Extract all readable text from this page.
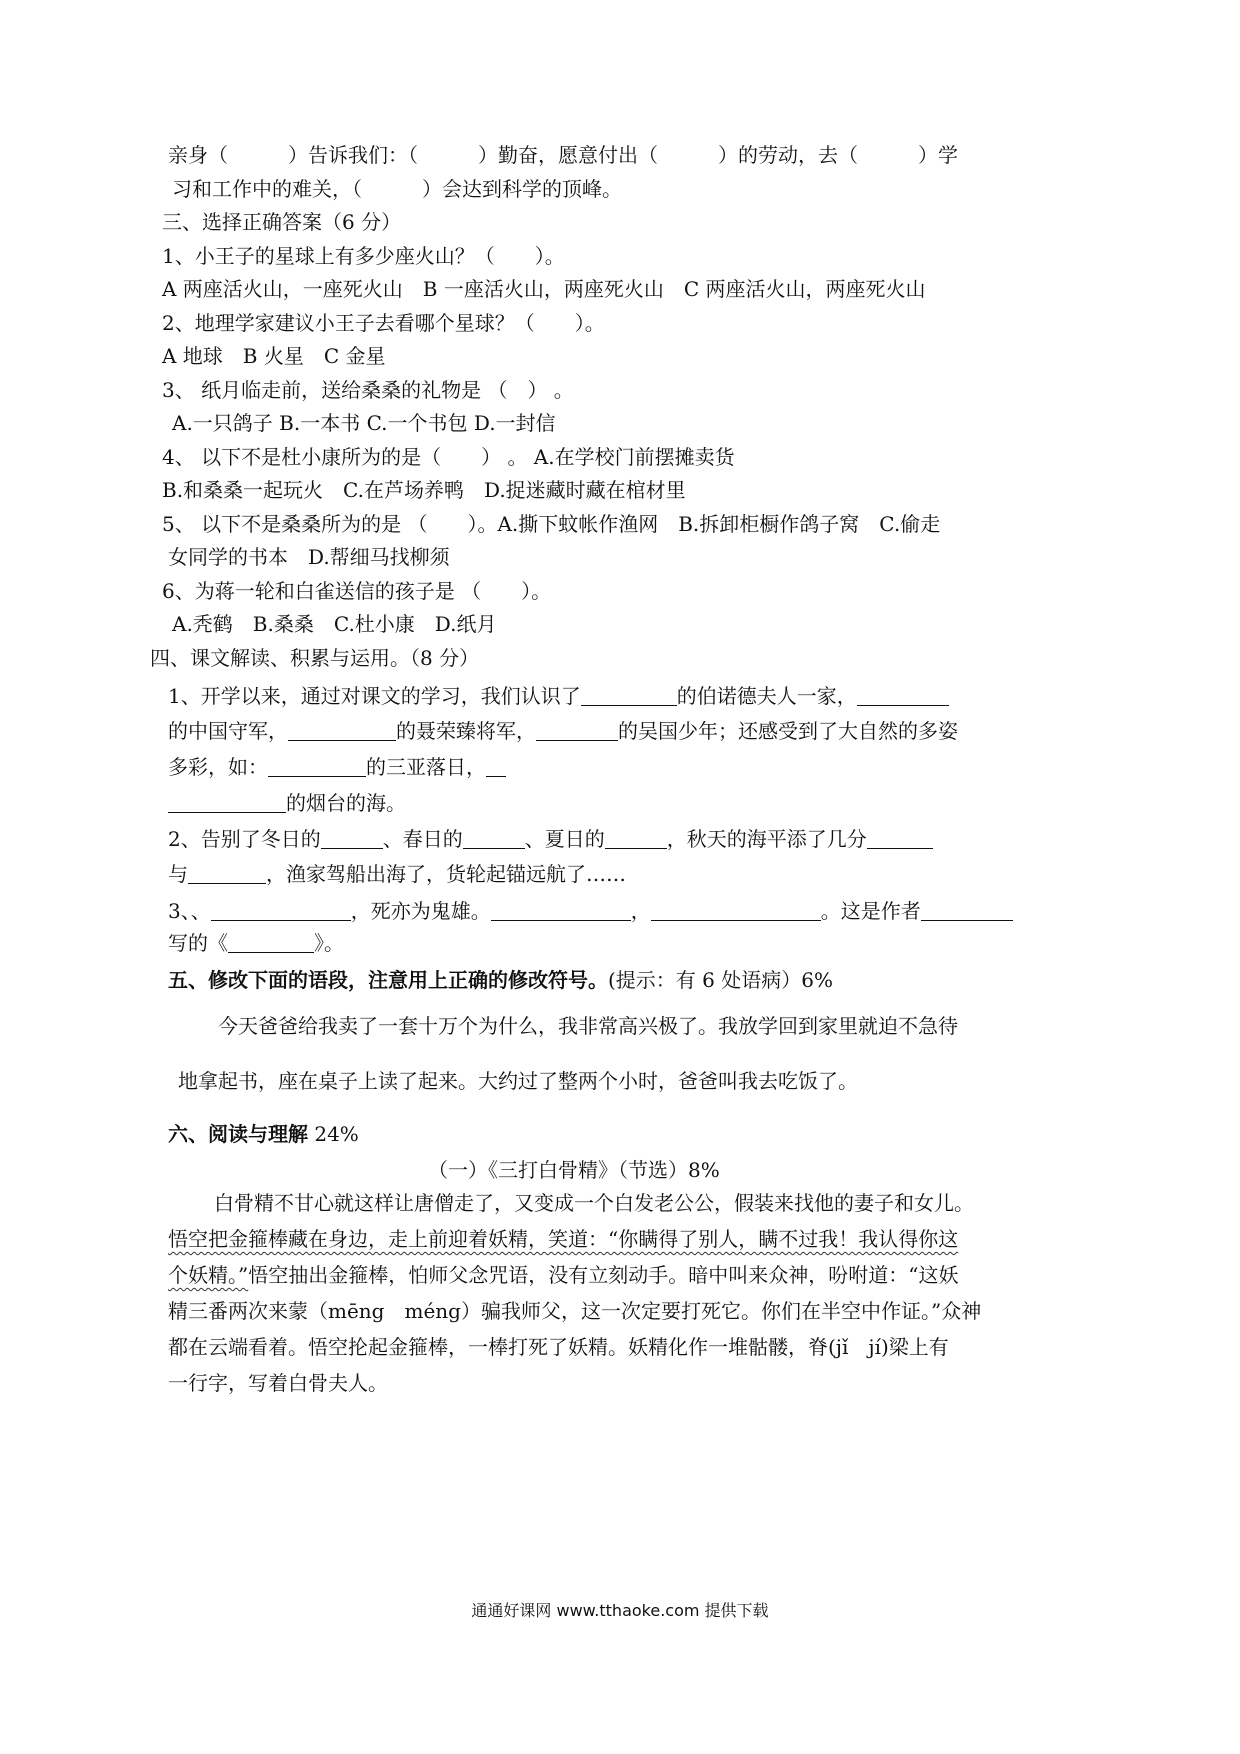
亲身（　　　）告诉我们：（　　　）勤奋，愿意付出（　　　）的劳动，去（　　　）学
习和工作中的难关，（　　　）会达到科学的顶峰。
三、选择正确答案（6 分）
1、小王子的星球上有多少座火山？（　　）。
A 两座活火山，一座死火山　B 一座活火山，两座死火山　C 两座活火山，两座死火山
2、地理学家建议小王子去看哪个星球？（　　）。
A 地球　B 火星　C 金星
3、 纸月临走前，送给桑桑的礼物是 （　） 。
A.一只鸽子 B.一本书 C.一个书包 D.一封信
4、 以下不是杜小康所为的是（　　） 。 A.在学校门前摆摊卖货
B.和桑桑一起玩火　C.在芦场养鸭　D.捉迷藏时藏在棺材里
5、 以下不是桑桑所为的是 （　　）。A.撕下蚊帐作渔网　B.拆卸柜橱作鸽子窝　C.偷走
女同学的书本　D.帮细马找柳须
6、为蒋一轮和白雀送信的孩子是 （　　）。
A.秃鹤　B.桑桑　C.杜小康　D.纸月
四、课文解读、积累与运用。（8 分）
1、开学以来，通过对课文的学习，我们认识了	的伯诺德夫人一家，
的中国守军，	的聂荣臻将军，	的吴国少年；还感受到了大自然的多姿
多彩，如：	的三亚落日，
的烟台的海。
2、告别了冬日的	、春日的	、夏日的	，秋天的海平添了几分
与	，渔家驾船出海了，货轮起锚远航了……
3、、	，死亦为鬼雄。	，	。这是作者
写的《	》。
五、修改下面的语段，注意用上正确的修改符号。(提示：有 6 处语病）6%
今天爸爸给我卖了一套十万个为什么，我非常高兴极了。我放学回到家里就迫不急待
地拿起书，座在桌子上读了起来。大约过了整两个小时，爸爸叫我去吃饭了。
六、阅读与理解 24%
（一）《三打白骨精》（节选）8%
白骨精不甘心就这样让唐僧走了，又变成一个白发老公公，假装来找他的妻子和女儿。
悟空把金箍棒藏在身边，走上前迎着妖精，笑道：“你瞒得了别人，瞒不过我！我认得你这
个妖精。”悟空抽出金箍棒，怕师父念咒语，没有立刻动手。暗中叫来众神，吩咐道：“这妖
精三番两次来蒙（mēng　méng）骗我师父，这一次定要打死它。你们在半空中作证。”众神
都在云端看着。悟空抡起金箍棒，一棒打死了妖精。妖精化作一堆骷髅，脊(jǐ　jí)梁上有
一行字，写着白骨夫人。
通通好课网 www.tthaoke.com 提供下载
